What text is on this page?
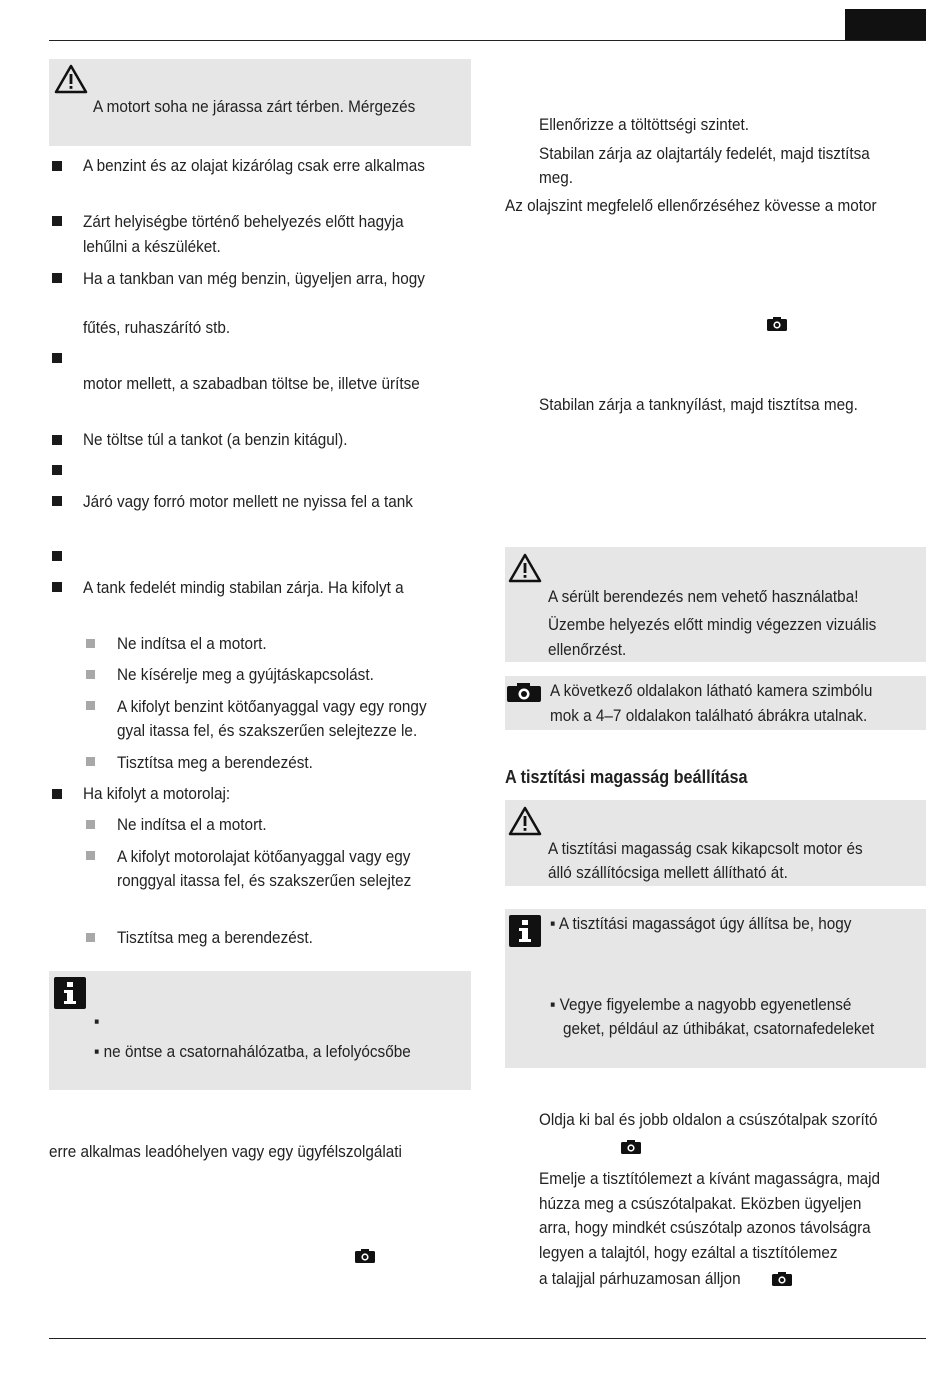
A motort soha ne járassa zárt térben. Mérgezés
A benzint és az olajat kizárólag csak erre alkalmas
Zárt helyiségbe történő behelyezés előtt hagyja
lehűlni a készüléket.
Ha a tankban van még benzin, ügyeljen arra, hogy
fűtés, ruhaszárító stb.
motor mellett, a szabadban töltse be, illetve ürítse
Ne töltse túl a tankot (a benzin kitágul).
Járó vagy forró motor mellett ne nyissa fel a tank
A tank fedelét mindig stabilan zárja. Ha kifolyt a
Ne indítsa el a motort.
Ne kísérelje meg a gyújtáskapcsolást.
A kifolyt benzint kötőanyaggal vagy egy rongy
gyal itassa fel, és szakszerűen selejtezze le.
Tisztítsa meg a berendezést.
Ha kifolyt a motorolaj:
Ne indítsa el a motort.
A kifolyt motorolajat kötőanyaggal vagy egy
ronggyal itassa fel, és szakszerűen selejtez
Tisztítsa meg a berendezést.
▪
▪ ne öntse a csatornahálózatba, a lefolyócsőbe
erre alkalmas leadóhelyen vagy egy ügyfélszolgálati
Ellenőrizze a töltöttségi szintet.
Stabilan zárja az olajtartály fedelét, majd tisztítsa
meg.
Az olajszint megfelelő ellenőrzéséhez kövesse a motor
Stabilan zárja a tanknyílást, majd tisztítsa meg.
A sérült berendezés nem vehető használatba!
Üzembe helyezés előtt mindig végezzen vizuális
ellenőrzést.
A következő oldalakon látható kamera szimbólu
mok a 4–7 oldalakon található ábrákra utalnak.
A tisztítási magasság beállítása
A tisztítási magasság csak kikapcsolt motor és
álló szállítócsiga mellett állítható át.
▪ A tisztítási magasságot úgy állítsa be, hogy
▪ Vegye figyelembe a nagyobb egyenetlensé
geket, például az úthibákat, csatornafedeleket
Oldja ki bal és jobb oldalon a csúszótalpak szorító
Emelje a tisztítólemezt a kívánt magasságra, majd
húzza meg a csúszótalpakat. Eközben ügyeljen
arra, hogy mindkét csúszótalp azonos távolságra
legyen a talajtól, hogy ezáltal a tisztítólemez
a talajjal párhuzamosan álljon
